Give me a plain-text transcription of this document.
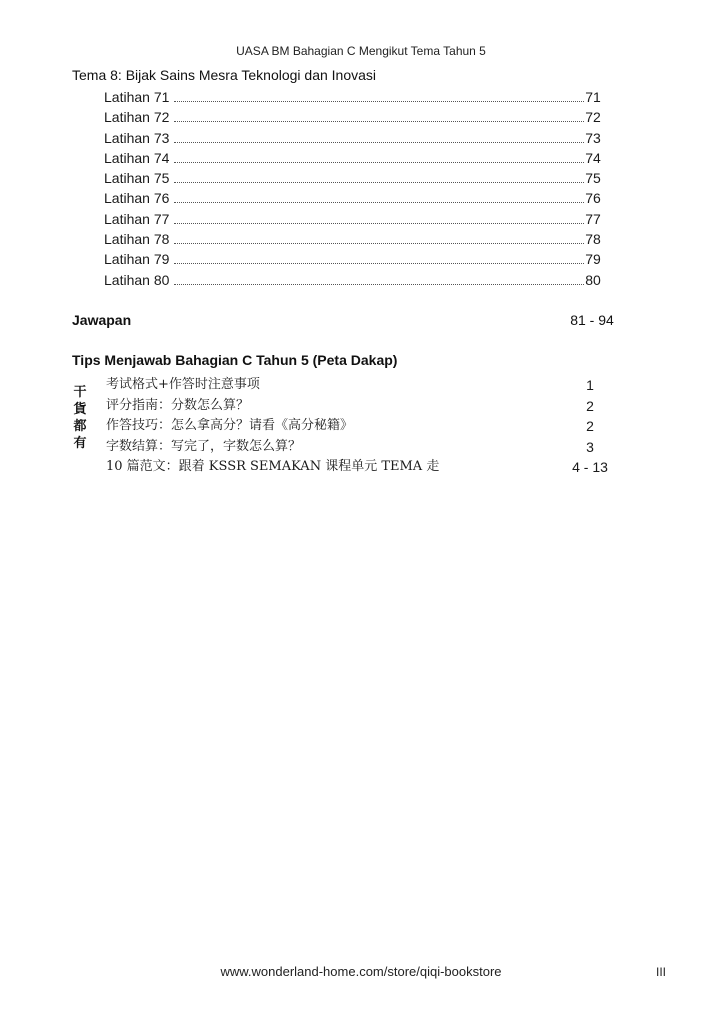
UASA BM Bahagian C Mengikut Tema Tahun 5
Tema 8: Bijak Sains Mesra Teknologi dan Inovasi
Latihan 71	71
Latihan 72	72
Latihan 73	73
Latihan 74	74
Latihan 75	75
Latihan 76	76
Latihan 77	77
Latihan 78	78
Latihan 79	79
Latihan 80	80
Jawapan	81 - 94
Tips Menjawab Bahagian C Tahun 5 (Peta Dakap)
干
貨
都
有
考试格式+作答时注意事项	1
评分指南：分数怎么算？	2
作答技巧：怎么拿高分？请看《高分秘籍》	2
字数结算：写完了，字数怎么算？	3
10 篇范文：跟着 KSSR SEMAKAN 课程单元 TEMA 走	4 - 13
www.wonderland-home.com/store/qiqi-bookstore	III
